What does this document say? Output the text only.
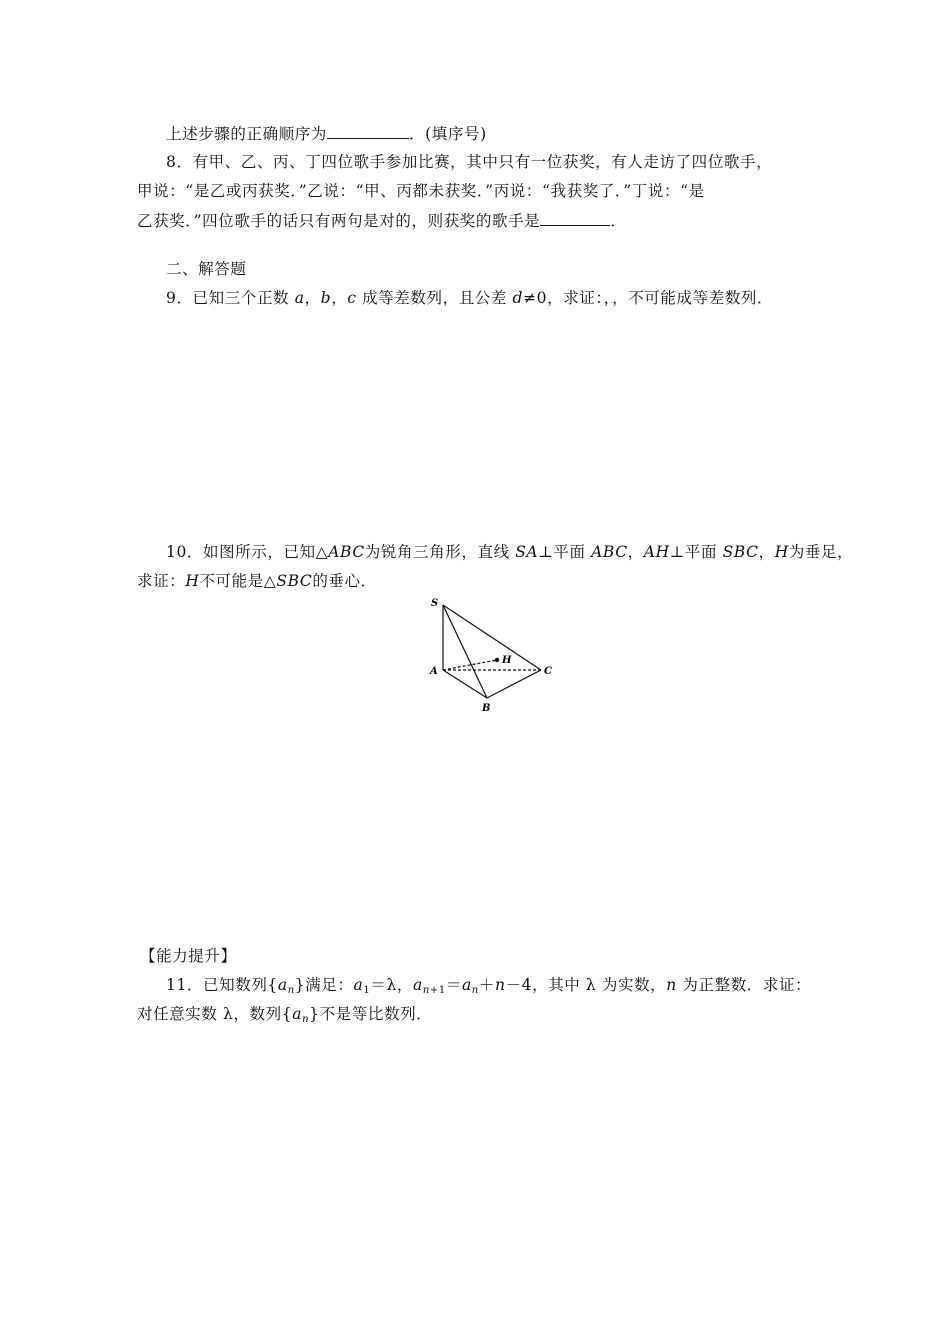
上述步骤的正确顺序为	．(填序号)
8．有甲、乙、丙、丁四位歌手参加比赛，其中只有一位获奖，有人走访了四位歌手，
甲说：“是乙或丙获奖．”乙说：“甲、丙都未获奖．”丙说：“我获奖了．”丁说：“是
乙获奖．”四位歌手的话只有两句是对的，则获奖的歌手是	．
二、解答题
9．已知三个正数 a，b，c 成等差数列，且公差 d≠0，求证：，，不可能成等差数列．
10．如图所示，已知△ABC为锐角三角形，直线 SA⊥平面 ABC，AH⊥平面 SBC，H为垂足，
求证：H不可能是△SBC的垂心．
S
A
B
C
H
【能力提升】
11．已知数列$\{a_n\}$满足：a1＝λ，$a_n+1=a_n+n-4$，其中 λ 为实数，n 为正整数．求证：
对任意实数 λ，数列$\{a_n\}$不是等比数列．
